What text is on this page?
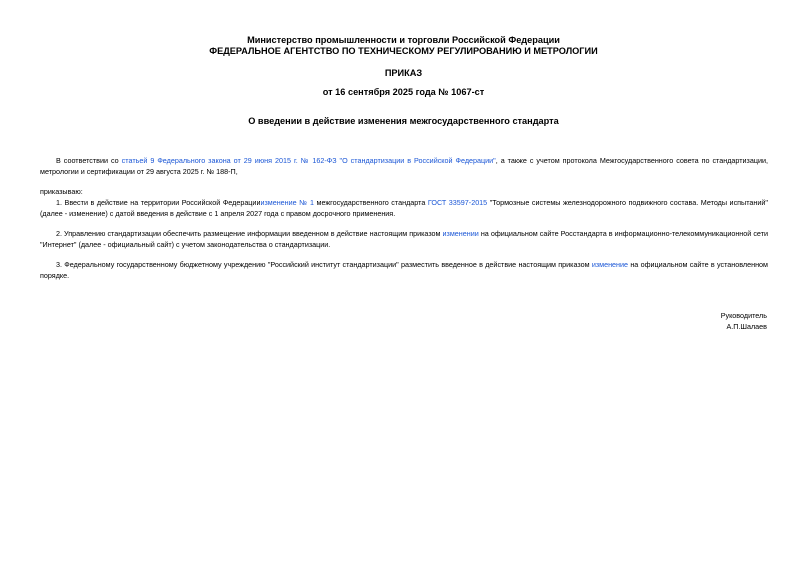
Министерство промышленности и торговли Российской Федерации
ФЕДЕРАЛЬНОЕ АГЕНТСТВО ПО ТЕХНИЧЕСКОМУ РЕГУЛИРОВАНИЮ И МЕТРОЛОГИИ
ПРИКАЗ
от 16 сентября 2025 года № 1067-ст
О введении в действие изменения межгосударственного стандарта
В соответствии со статьей 9 Федерального закона от 29 июня 2015 г. № 162-ФЗ "О стандартизации в Российской Федерации", а также с учетом протокола Межгосударственного совета по стандартизации, метрологии и сертификации от 29 августа 2025 г. № 188-П,
приказываю:
1. Ввести в действие на территории Российской Федерацииизменение № 1 межгосударственного стандарта ГОСТ 33597-2015 "Тормозные системы железнодорожного подвижного состава. Методы испытаний" (далее - изменение) с датой введения в действие с 1 апреля 2027 года с правом досрочного применения.
2. Управлению стандартизации обеспечить размещение информации введенном в действие настоящим приказом изменении на официальном сайте Росстандарта в информационно-телекоммуникационной сети "Интернет" (далее - официальный сайт) с учетом законодательства о стандартизации.
3. Федеральному государственному бюджетному учреждению "Российский институт стандартизации" разместить введенное в действие настоящим приказом изменение на официальном сайте в установленном порядке.
Руководитель
А.П.Шалаев
